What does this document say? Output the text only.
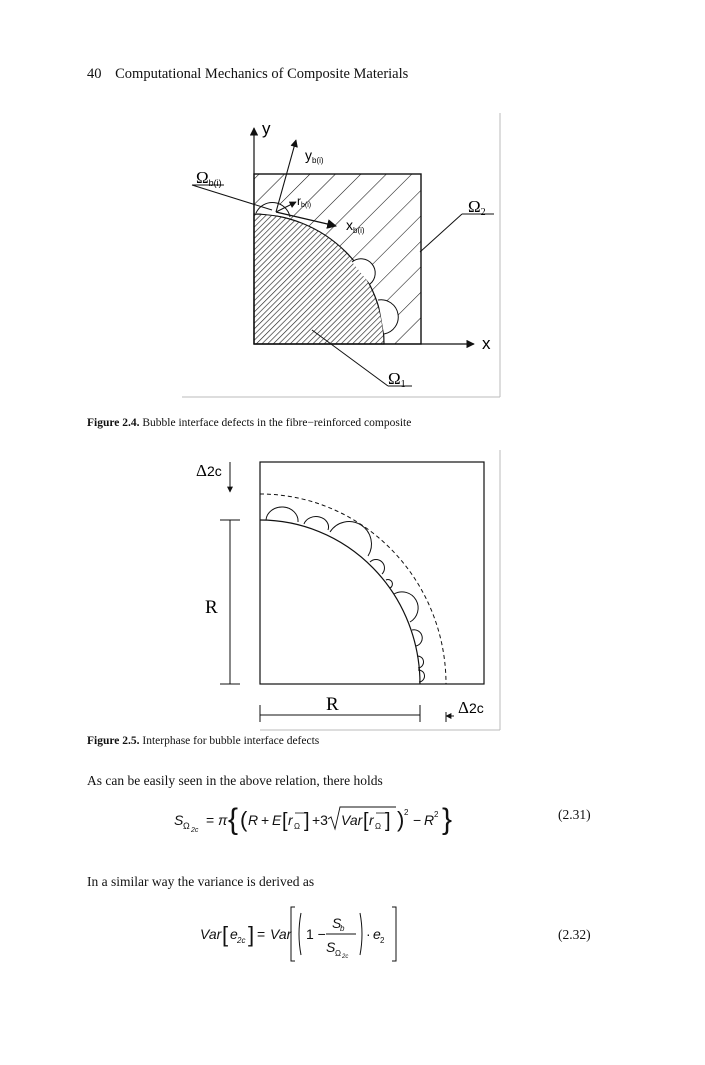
40 Computational Mechanics of Composite Materials
y
x
$y_{b(i)}$
$x_{b(i)}$
rb(i)
Ωb(i)
Ω2
Ω1
Figure 2.4. Bubble interface defects in the fibre−reinforced composite
Δ2c
R
R	Δ2c
Figure 2.5. Interphase for bubble interface defects
As can be easily seen in the above relation, there holds
S Ω 2c
= π { ( R + E [ r Ω ] +3 Var [ r Ω ] ) 2 − R 2 }	(2.31)
In a similar way the variance is derived as
Var [ e 2c ] = Var 1 −
S
b
S Ω 2c
· e 2	(2.32)
